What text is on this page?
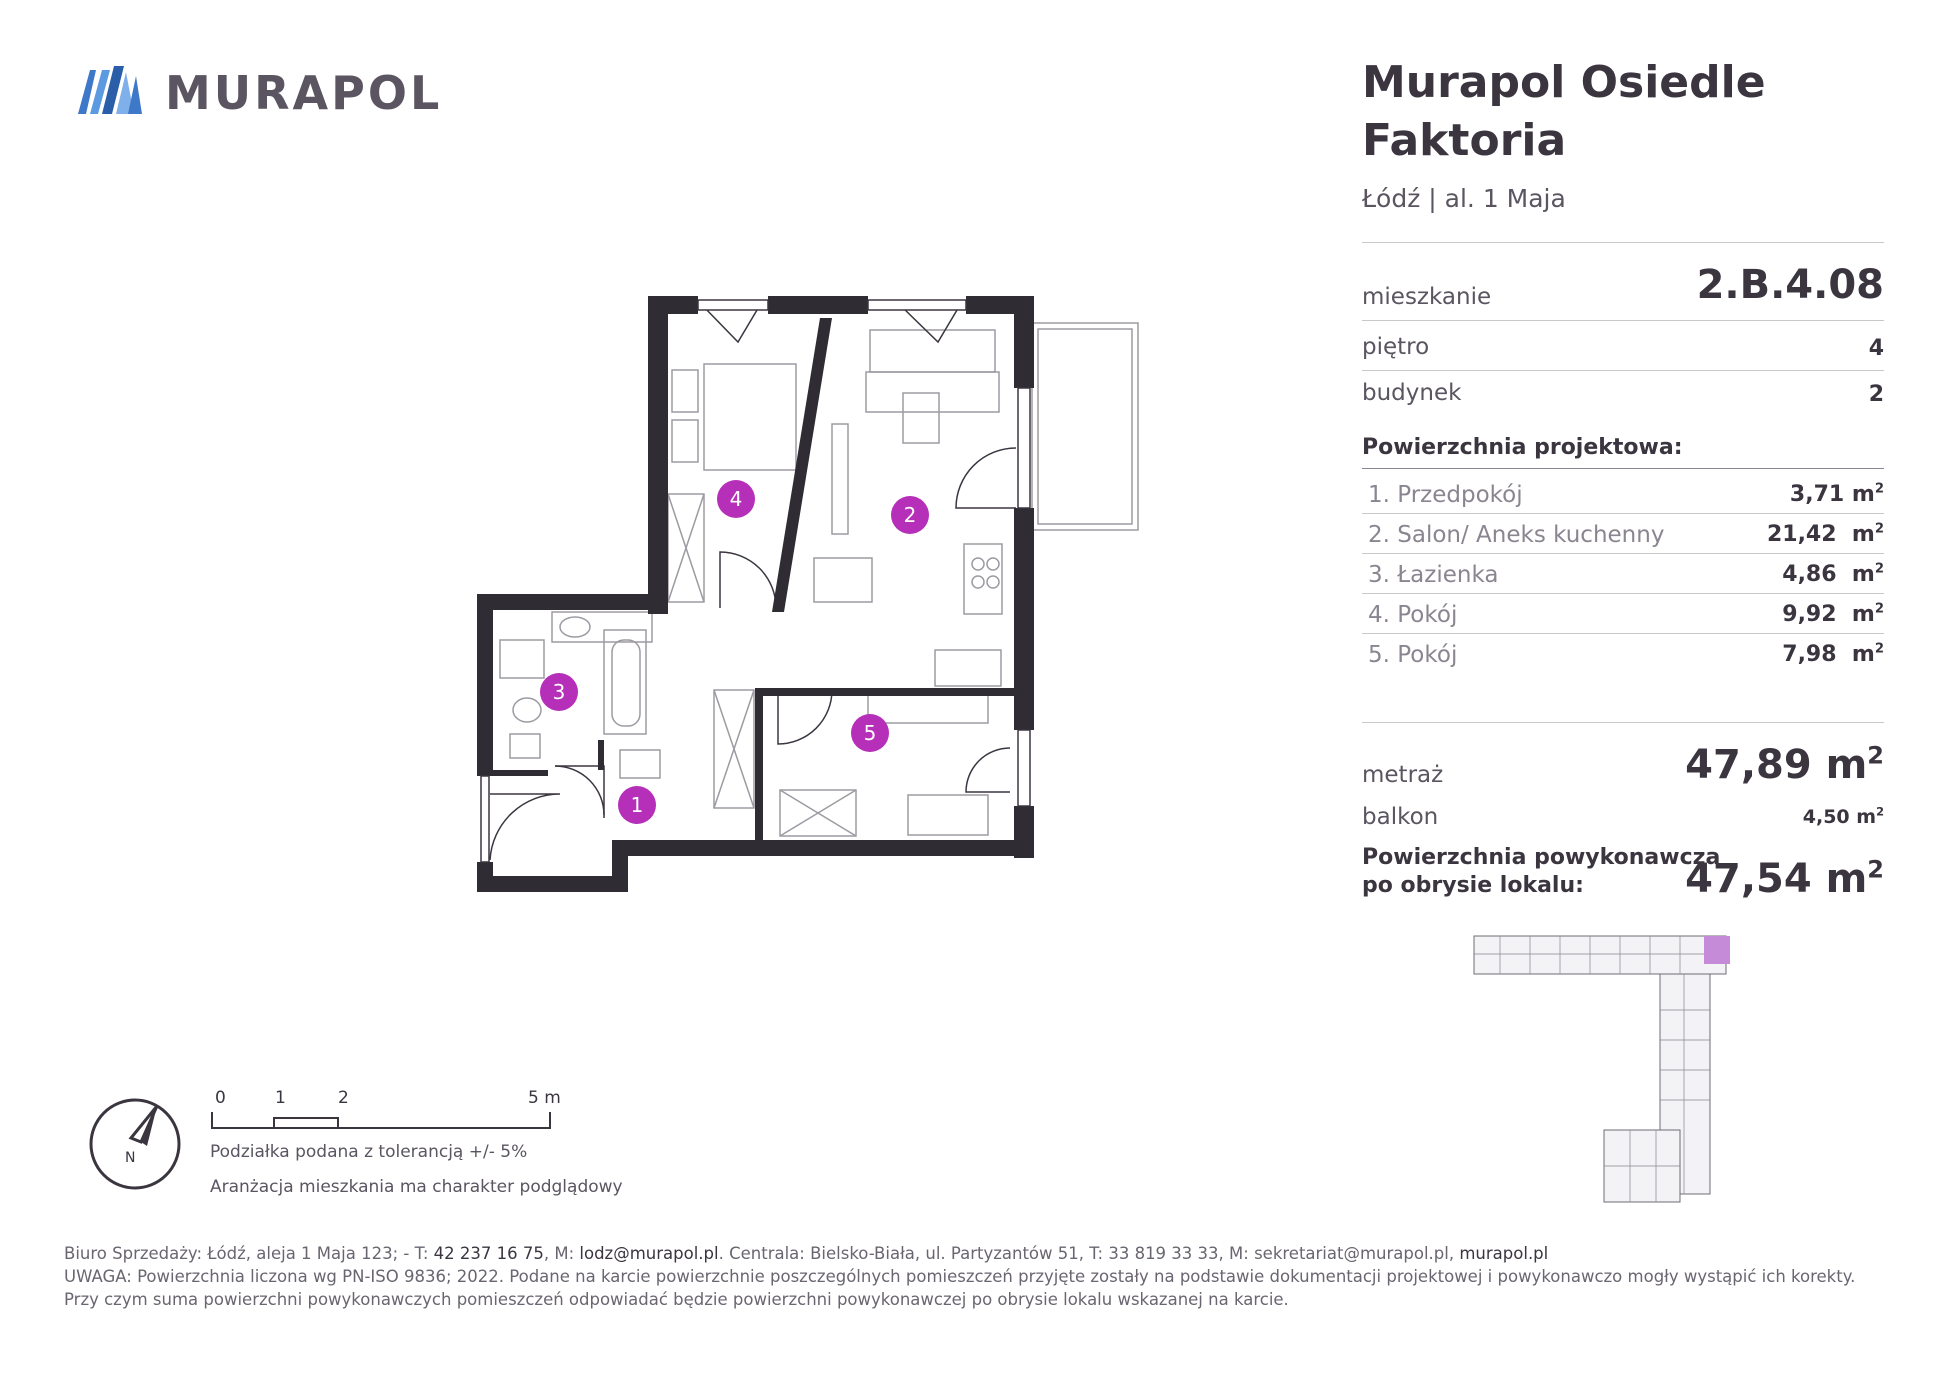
MURAPOL	Murapol Osiedle
Faktoria
Łódź | al. 1 Maja
mieszkanie	2.B.4.08
piętro	4
budynek	2
Powierzchnia projektowa:
1. Przedpokój	3,71 $m^2$
2. Salon/ Aneks kuchenny	21,42 $m^2$
3. Łazienka	4,86 $m^2$
4. Pokój	9,92 $m^2$
5. Pokój	7,98 $m^2$
metraż	47,89 $m^2$
balkon	4,50 $m^2$
Powierzchnia powykonawcza
po obrysie lokalu:	47,54 $m^2$
1
2
3
4
5
N
0	1	2	5 m
Podziałka podana z tolerancją +/- 5%
Aranżacja mieszkania ma charakter podglądowy
Biuro Sprzedaży: Łódź, aleja 1 Maja 123; - T: 42 237 16 75, M: lodz@murapol.pl. Centrala: Bielsko-Biała, ul. Partyzantów 51, T: 33 819 33 33, M: sekretariat@murapol.pl, murapol.pl
UWAGA: Powierzchnia liczona wg PN-ISO 9836; 2022. Podane na karcie powierzchnie poszczególnych pomieszczeń przyjęte zostały na podstawie dokumentacji projektowej i powykonawczo mogły wystąpić ich korekty.
Przy czym suma powierzchni powykonawczych pomieszczeń odpowiadać będzie powierzchni powykonawczej po obrysie lokalu wskazanej na karcie.
